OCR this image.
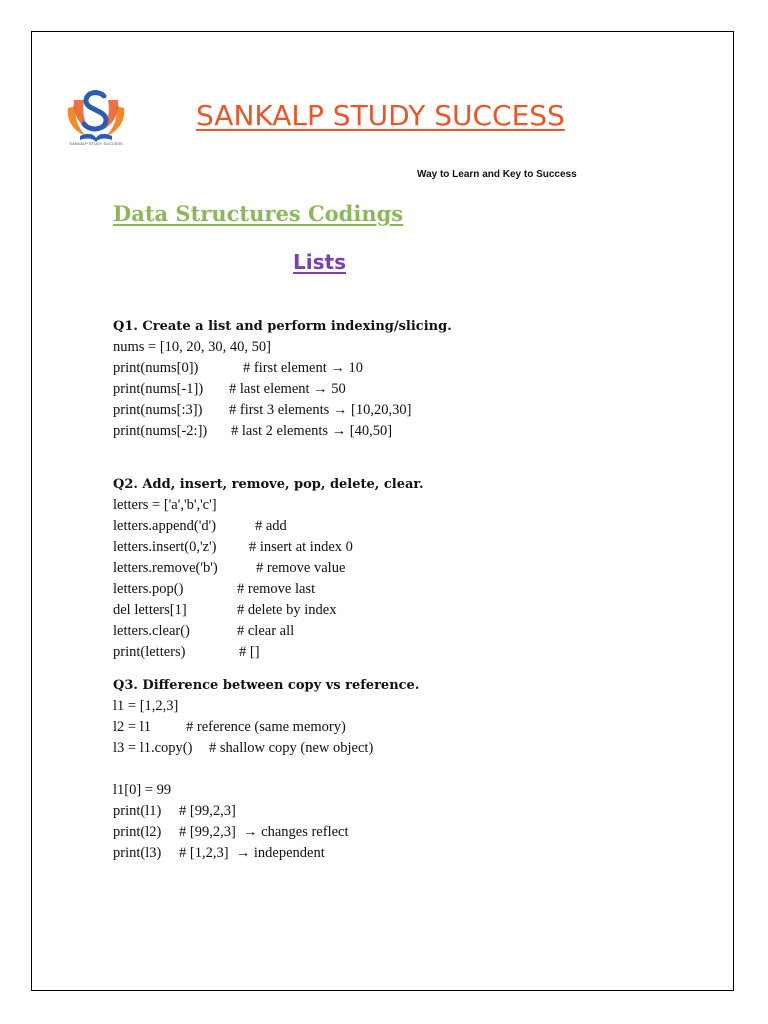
SANKALP STUDY SUCCESS
SANKALP STUDY SUCCESS
Way to Learn and Key to Success
Data Structures Codings
Lists
Q1. Create a list and perform indexing/slicing.
nums = [10, 20, 30, 40, 50]
print(nums[0])	# first element → 10
print(nums[-1]) # last element → 50
print(nums[:3]) # first 3 elements → [10,20,30]
print(nums[-2:]) # last 2 elements → [40,50]
Q2. Add, insert, remove, pop, delete, clear.
letters = ['a','b','c']
letters.append('d')	# add
letters.insert(0,'z') # insert at index 0
letters.remove('b')	# remove value
letters.pop()	# remove last
del letters[1]	# delete by index
letters.clear()	# clear all
print(letters)	# []
Q3. Difference between copy vs reference.
l1 = [1,2,3]
l2 = l1 # reference (same memory)
l3 = l1.copy() # shallow copy (new object)
l1[0] = 99
print(l1) # [99,2,3]
print(l2) # [99,2,3]  → changes reflect
print(l3) # [1,2,3]  → independent
